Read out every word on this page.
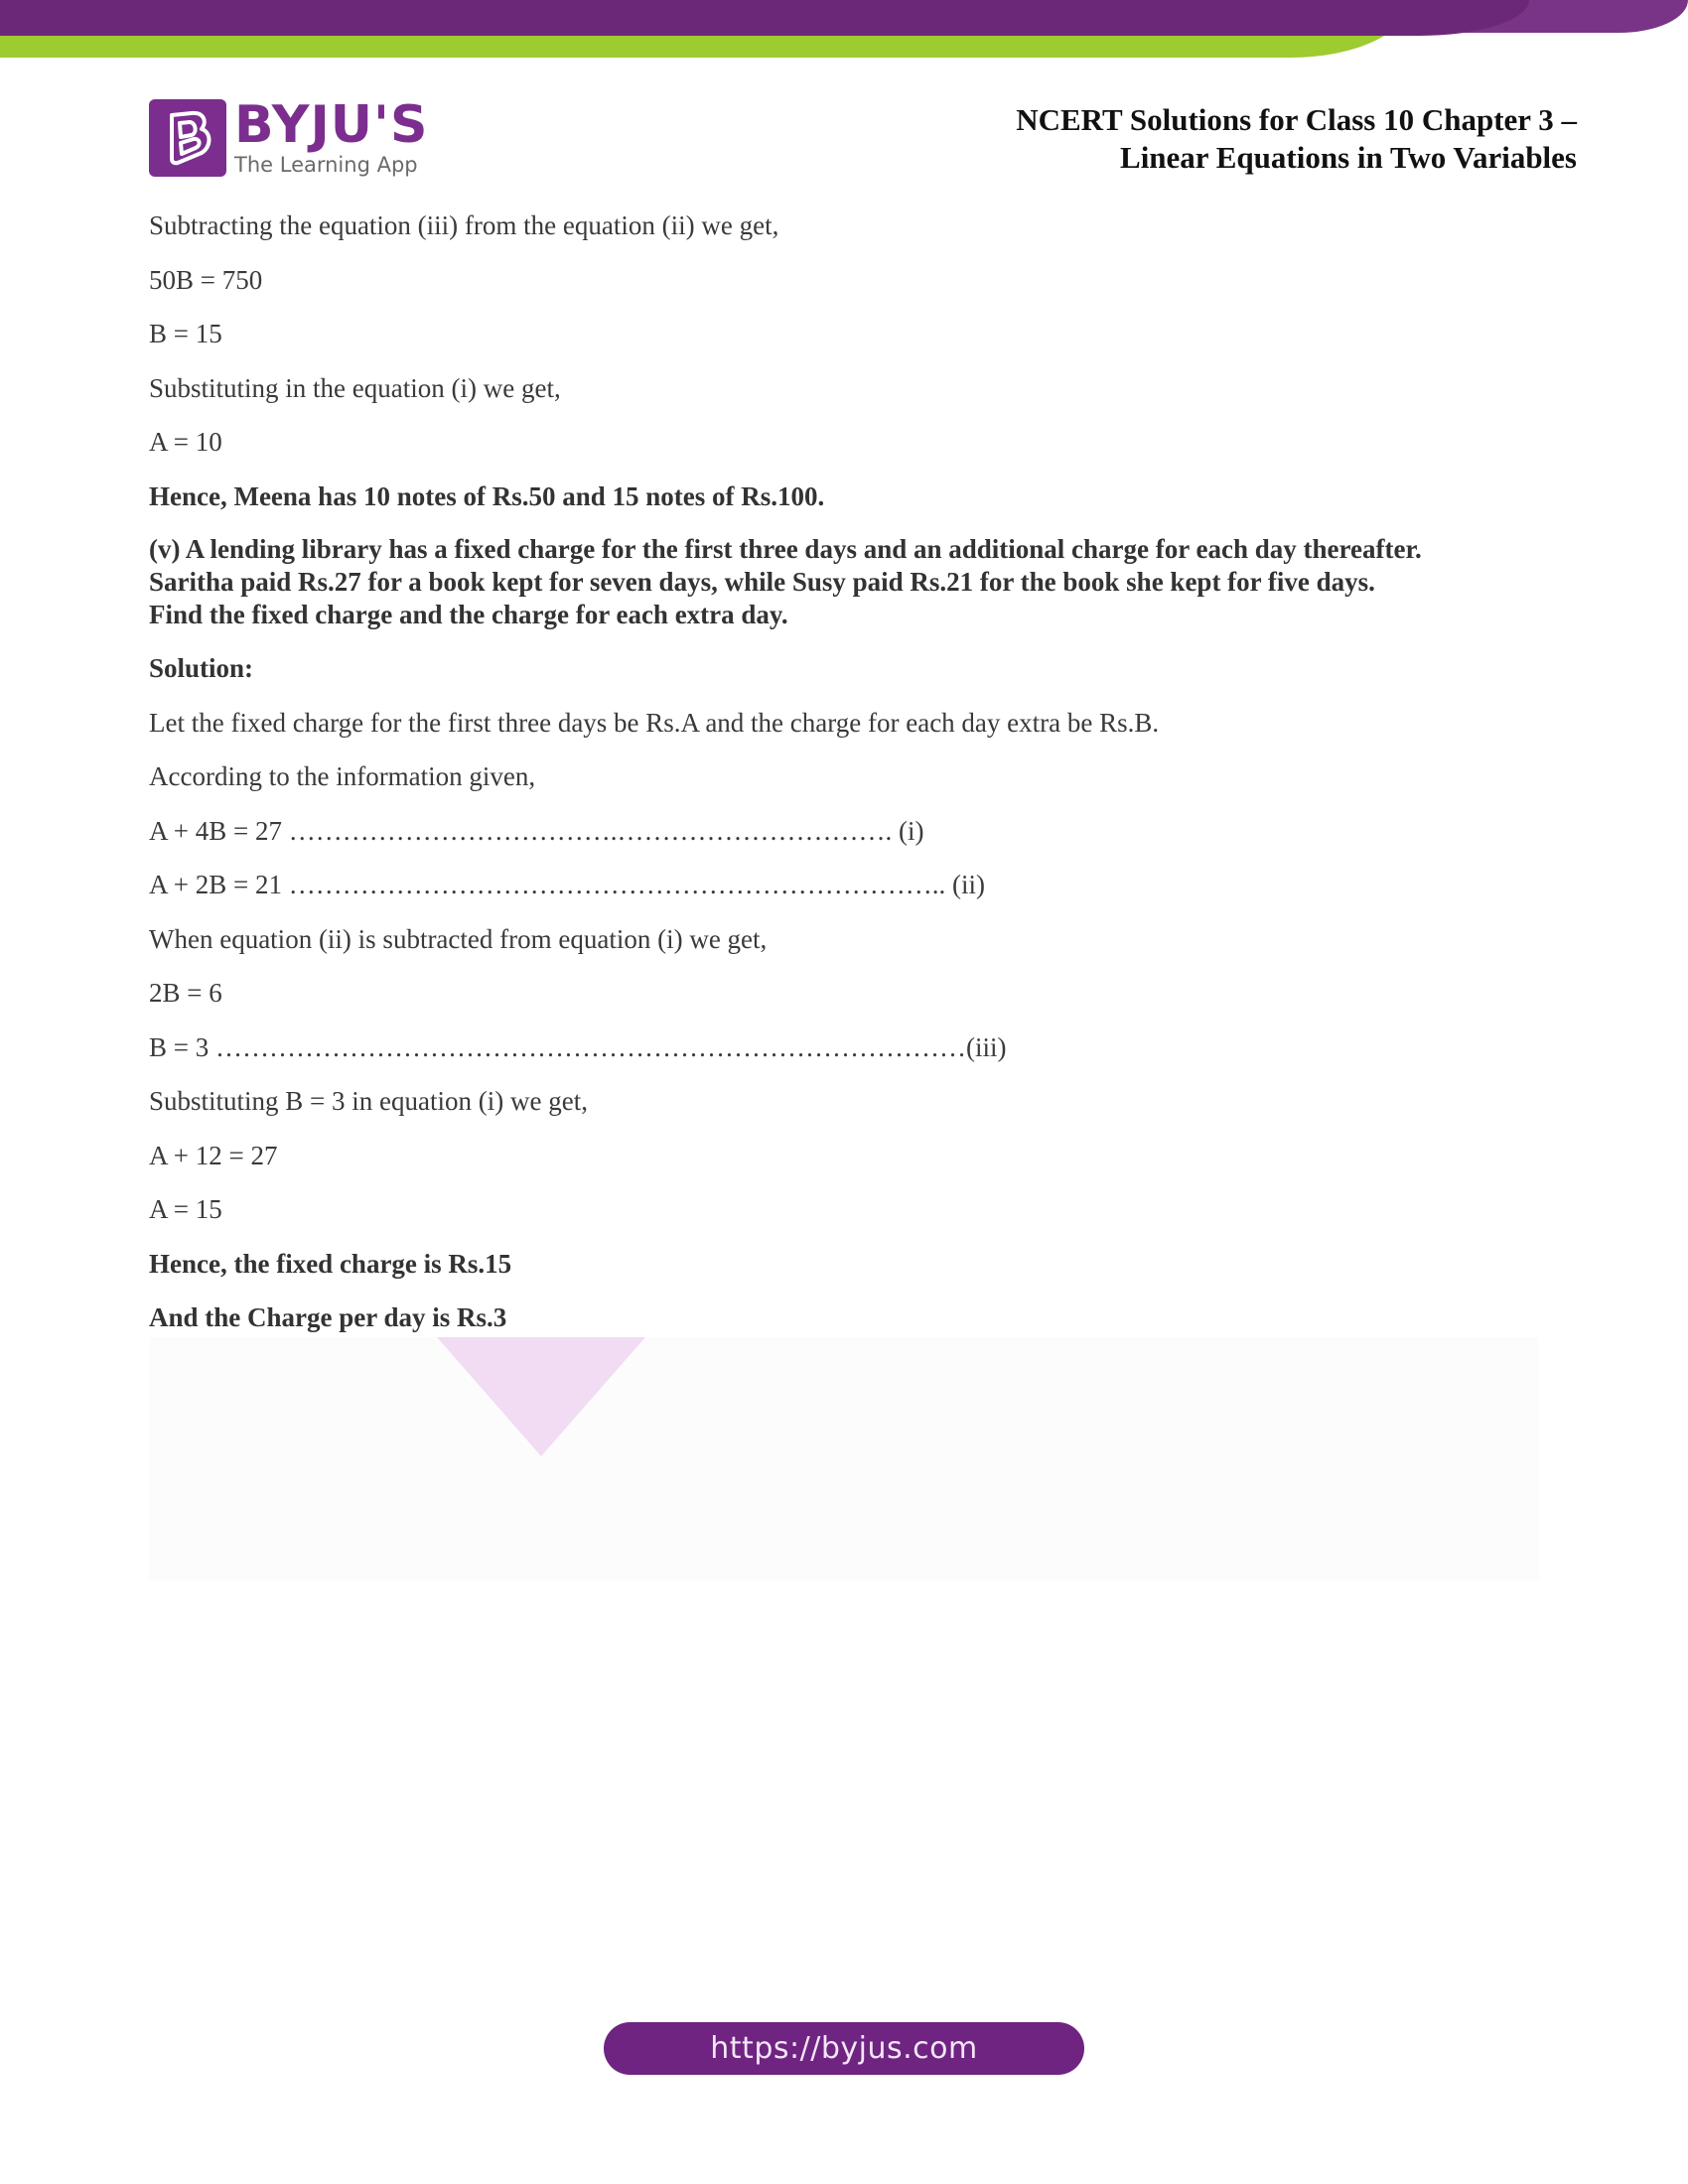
BYJU'S
The Learning App
NCERT Solutions for Class 10 Chapter 3 –
Linear Equations in Two Variables

Subtracting the equation (iii) from the equation (ii) we get,

50B = 750

B = 15

Substituting in the equation (i) we get,

A = 10

Hence, Meena has 10 notes of Rs.50 and 15 notes of Rs.100.

(v) A lending library has a fixed charge for the first three days and an additional charge for each day thereafter.
Saritha paid Rs.27 for a book kept for seven days, while Susy paid Rs.21 for the book she kept for five days.
Find the fixed charge and the charge for each extra day.

Solution:

Let the fixed charge for the first three days be Rs.A and the charge for each day extra be Rs.B.

According to the information given,

A + 4B = 27 ……………………………….…………………………. (i)

A + 2B = 21 ……………………………………………………………….. (ii)

When equation (ii) is subtracted from equation (i) we get,

2B = 6

B = 3 …………………………………………………………………………(iii)

Substituting B = 3 in equation (i) we get,

A + 12 = 27

A = 15

Hence, the fixed charge is Rs.15

And the Charge per day is Rs.3

https://byjus.com
